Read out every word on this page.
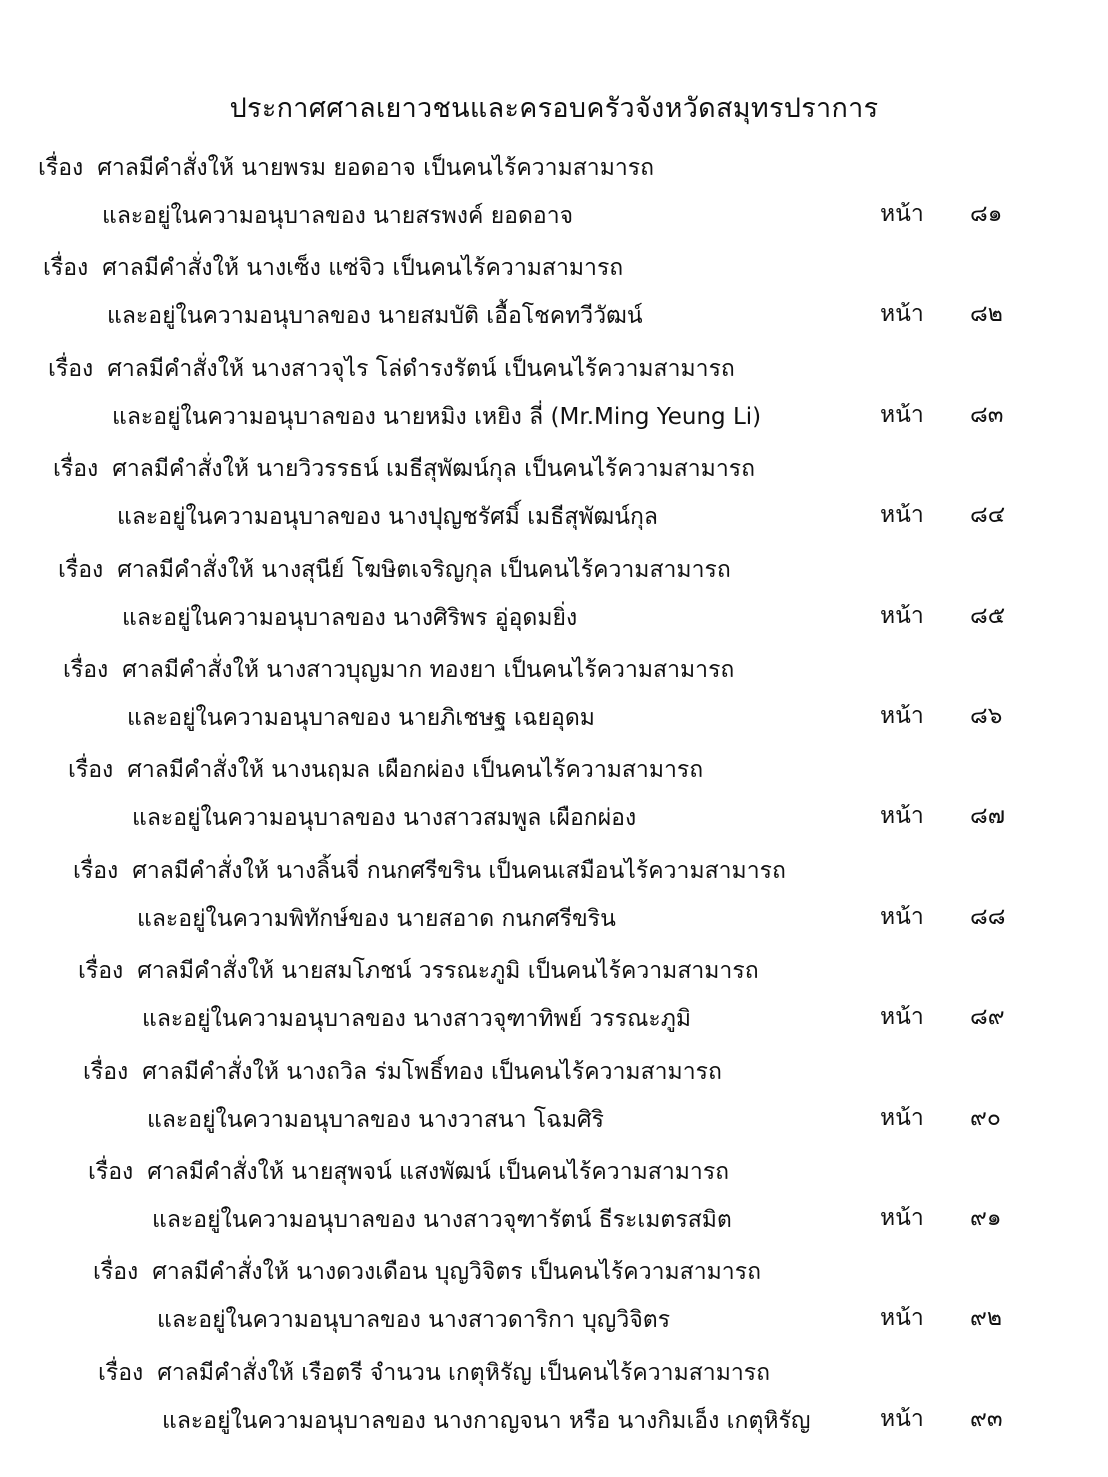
ประกาศศาลเยาวชนและครอบครัวจังหวัดสมุทรปราการ
เรื่อง ศาลมีคำสั่งให้ นายพรม ยอดอาจ เป็นคนไร้ความสามารถ
และอยู่ในความอนุบาลของ นายสรพงค์ ยอดอาจ	หน้า ๘๑
เรื่อง ศาลมีคำสั่งให้ นางเซ็ง แซ่จิว เป็นคนไร้ความสามารถ
และอยู่ในความอนุบาลของ นายสมบัติ เอื้อโชคทวีวัฒน์	หน้า ๘๒
เรื่อง ศาลมีคำสั่งให้ นางสาวจุไร โล่ดำรงรัตน์ เป็นคนไร้ความสามารถ
และอยู่ในความอนุบาลของ นายหมิง เหยิง ลี่ (Mr.Ming Yeung Li)	หน้า ๘๓
เรื่อง ศาลมีคำสั่งให้ นายวิวรรธน์ เมธีสุพัฒน์กุล เป็นคนไร้ความสามารถ
และอยู่ในความอนุบาลของ นางปุญชรัศมิ์ เมธีสุพัฒน์กุล	หน้า ๘๔
เรื่อง ศาลมีคำสั่งให้ นางสุนีย์ โฆษิตเจริญกุล เป็นคนไร้ความสามารถ
และอยู่ในความอนุบาลของ นางศิริพร อู่อุดมยิ่ง	หน้า ๘๕
เรื่อง ศาลมีคำสั่งให้ นางสาวบุญมาก ทองยา เป็นคนไร้ความสามารถ
และอยู่ในความอนุบาลของ นายภิเชษฐ เฉยอุดม	หน้า ๘๖
เรื่อง ศาลมีคำสั่งให้ นางนฤมล เผือกผ่อง เป็นคนไร้ความสามารถ
และอยู่ในความอนุบาลของ นางสาวสมพูล เผือกผ่อง	หน้า ๘๗
เรื่อง ศาลมีคำสั่งให้ นางลิ้นจี่ กนกศรีขริน เป็นคนเสมือนไร้ความสามารถ
และอยู่ในความพิทักษ์ของ นายสอาด กนกศรีขริน	หน้า ๘๘
เรื่อง ศาลมีคำสั่งให้ นายสมโภชน์ วรรณะภูมิ เป็นคนไร้ความสามารถ
และอยู่ในความอนุบาลของ นางสาวจุฑาทิพย์ วรรณะภูมิ	หน้า ๘๙
เรื่อง ศาลมีคำสั่งให้ นางถวิล ร่มโพธิ์ทอง เป็นคนไร้ความสามารถ
และอยู่ในความอนุบาลของ นางวาสนา โฉมศิริ	หน้า ๙๐
เรื่อง ศาลมีคำสั่งให้ นายสุพจน์ แสงพัฒน์ เป็นคนไร้ความสามารถ
และอยู่ในความอนุบาลของ นางสาวจุฑารัตน์ ธีระเมตรสมิต	หน้า ๙๑
เรื่อง ศาลมีคำสั่งให้ นางดวงเดือน บุญวิจิตร เป็นคนไร้ความสามารถ
และอยู่ในความอนุบาลของ นางสาวดาริกา บุญวิจิตร	หน้า ๙๒
เรื่อง ศาลมีคำสั่งให้ เรือตรี จำนวน เกตุหิรัญ เป็นคนไร้ความสามารถ
และอยู่ในความอนุบาลของ นางกาญจนา หรือ นางกิมเอ็ง เกตุหิรัญ	หน้า ๙๓
